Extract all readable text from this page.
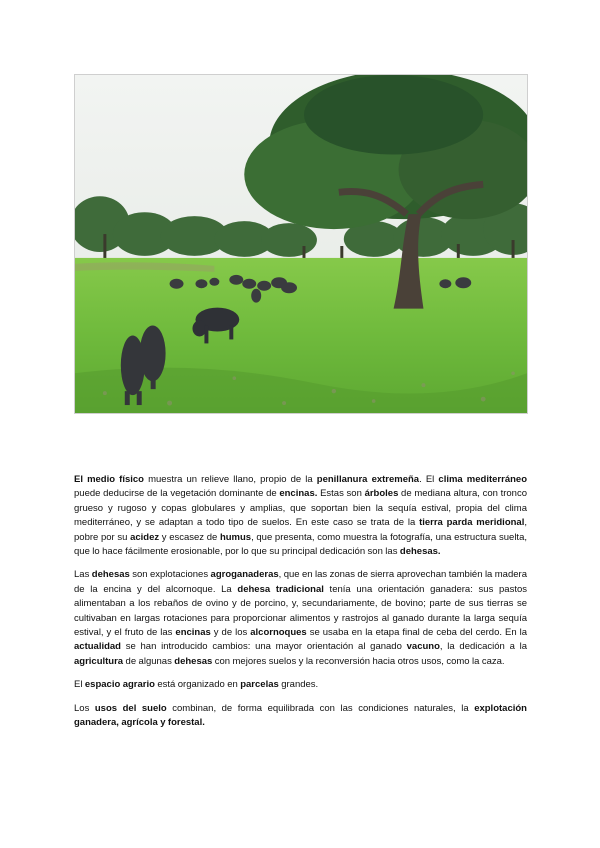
El medio físico muestra un relieve llano, propio de la penillanura extremeña. El clima mediterráneo puede deducirse de la vegetación dominante de encinas. Estas son árboles de mediana altura, con tronco grueso y rugoso y copas globulares y amplias, que soportan bien la sequía estival, propia del clima mediterráneo, y se adaptan a todo tipo de suelos. En este caso se trata de la tierra parda meridional, pobre por su acidez y escasez de humus, que presenta, como muestra la fotografía, una estructura suelta, que lo hace fácilmente erosionable, por lo que su principal dedicación son las dehesas.

Las dehesas son explotaciones agroganaderas, que en las zonas de sierra aprovechan también la madera de la encina y del alcornoque. La dehesa tradicional tenía una orientación ganadera: sus pastos alimentaban a los rebaños de ovino y de porcino, y, secundariamente, de bovino; parte de sus tierras se cultivaban en largas rotaciones para proporcionar alimentos y rastrojos al ganado durante la larga sequía estival, y el fruto de las encinas y de los alcornoques se usaba en la etapa final de ceba del cerdo. En la actualidad se han introducido cambios: una mayor orientación al ganado vacuno, la dedicación a la agricultura de algunas dehesas con mejores suelos y la reconversión hacia otros usos, como la caza.

El espacio agrario está organizado en parcelas grandes.

Los usos del suelo combinan, de forma equilibrada con las condiciones naturales, la explotación ganadera, agrícola y forestal.
